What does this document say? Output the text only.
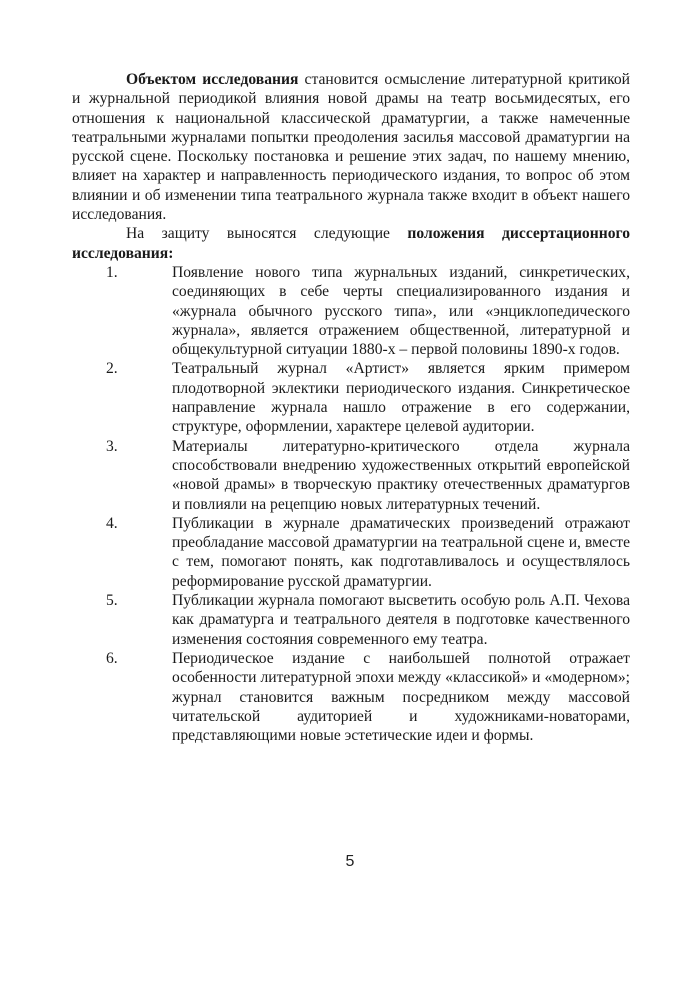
Объектом исследования становится осмысление литературной критикой и журнальной периодикой влияния новой драмы на театр восьмидесятых, его отношения к национальной классической драматургии, а также намеченные театральными журналами попытки преодоления засилья массовой драматургии на русской сцене. Поскольку постановка и решение этих задач, по нашему мнению, влияет на характер и направленность периодического издания, то вопрос об этом влиянии и об изменении типа театрального журнала также входит в объект нашего исследования.

На защиту выносятся следующие положения диссертационного исследования:

1.	Появление нового типа журнальных изданий, синкретических, соединяющих в себе черты специализированного издания и «журнала обычного русского типа», или «энциклопедического журнала», является отражением общественной, литературной и общекультурной ситуации 1880-х – первой половины 1890-х годов.
2.	Театральный журнал «Артист» является ярким примером плодотворной эклектики периодического издания. Синкретическое направление журнала нашло отражение в его содержании, структуре, оформлении, характере целевой аудитории.
3.	Материалы литературно-критического отдела журнала способствовали внедрению художественных открытий европейской «новой драмы» в творческую практику отечественных драматургов и повлияли на рецепцию новых литературных течений.
4.	Публикации в журнале драматических произведений отражают преобладание массовой драматургии на театральной сцене и, вместе с тем, помогают понять, как подготавливалось и осуществлялось реформирование русской драматургии.
5.	Публикации журнала помогают высветить особую роль А.П. Чехова как драматурга и театрального деятеля в подготовке качественного изменения состояния современного ему театра.
6.	Периодическое издание с наибольшей полнотой отражает особенности литературной эпохи между «классикой» и «модерном»; журнал становится важным посредником между массовой читательской аудиторией и художниками-новаторами, представляющими новые эстетические идеи и формы.
5
